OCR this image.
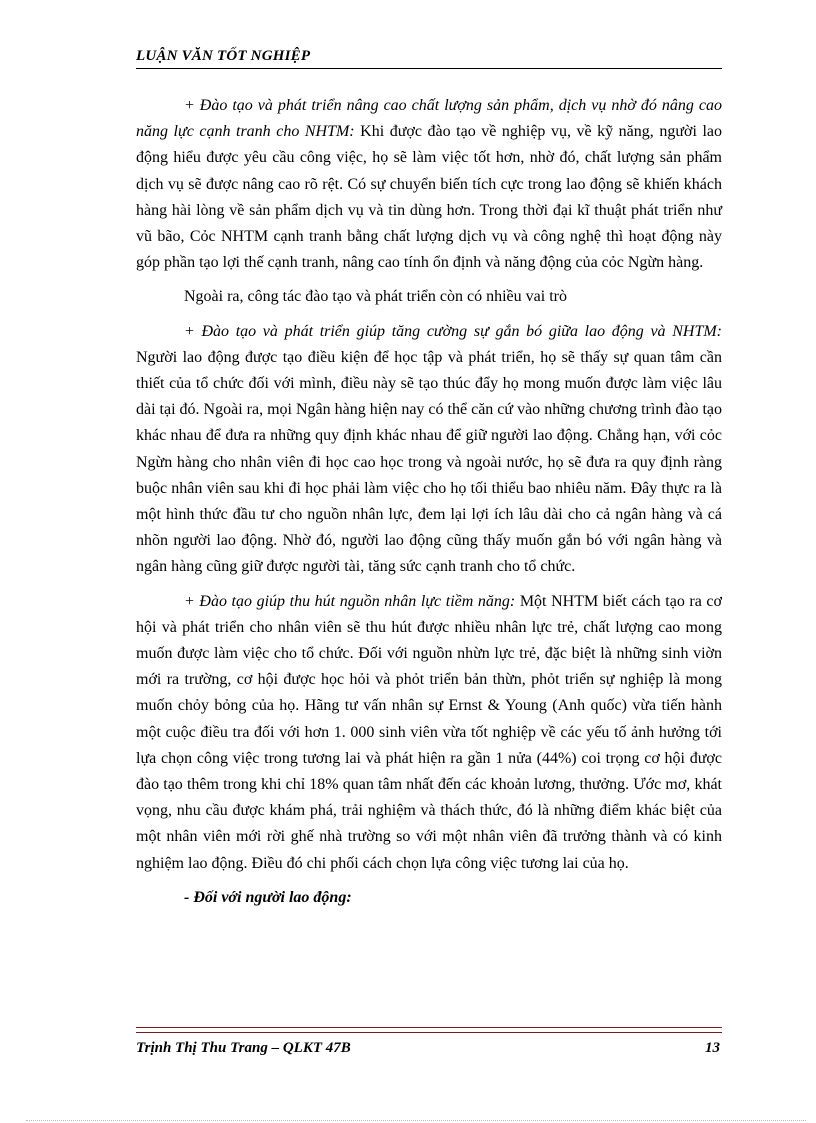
LUẬN VĂN TỐT NGHIỆP

+ Đào tạo và phát triển nâng cao chất lượng sản phẩm, dịch vụ nhờ đó nâng cao năng lực cạnh tranh cho NHTM: Khi được đào tạo về nghiệp vụ, về kỹ năng, người lao động hiểu được yêu cầu công việc, họ sẽ làm việc tốt hơn, nhờ đó, chất lượng sản phẩm dịch vụ sẽ được nâng cao rõ rệt. Có sự chuyển biến tích cực trong lao động sẽ khiến khách hàng hài lòng về sản phẩm dịch vụ và tin dùng hơn. Trong thời đại kĩ thuật phát triển như vũ bão, Cỏc NHTM cạnh tranh bằng chất lượng dịch vụ và công nghệ thì hoạt động này góp phần tạo lợi thế cạnh tranh, nâng cao tính ổn định và năng động của cỏc Ngừn hàng.

Ngoài ra, công tác đào tạo và phát triển còn có nhiều vai trò

+ Đào tạo và phát triển giúp tăng cường sự gắn bó giữa lao động và NHTM: Người lao động được tạo điều kiện để học tập và phát triển, họ sẽ thấy sự quan tâm cần thiết của tổ chức đối với mình, điều này sẽ tạo thúc đẩy họ mong muốn được làm việc lâu dài tại đó. Ngoài ra, mọi Ngân hàng hiện nay có thể căn cứ vào những chương trình đào tạo khác nhau để đưa ra những quy định khác nhau để giữ người lao động. Chẳng hạn, với cỏc Ngừn hàng cho nhân viên đi học cao học trong và ngoài nước, họ sẽ đưa ra quy định ràng buộc nhân viên sau khi đi học phải làm việc cho họ tối thiểu bao nhiêu năm. Đây thực ra là một hình thức đầu tư cho nguồn nhân lực, đem lại lợi ích lâu dài cho cả ngân hàng và cá nhõn người lao động. Nhờ đó, người lao động cũng thấy muốn gắn bó với ngân hàng và ngân hàng cũng giữ được người tài, tăng sức cạnh tranh cho tổ chức.

+ Đào tạo giúp thu hút nguồn nhân lực tiềm năng: Một NHTM biết cách tạo ra cơ hội và phát triển cho nhân viên sẽ thu hút được nhiều nhân lực trẻ, chất lượng cao mong muốn được làm việc cho tổ chức. Đối với nguồn nhừn lực trẻ, đặc biệt là những sinh viờn mới ra trường, cơ hội được học hỏi và phỏt triển bản thừn, phỏt triển sự nghiệp là mong muốn chỏy bỏng của họ. Hãng tư vấn nhân sự Ernst & Young (Anh quốc) vừa tiến hành một cuộc điều tra đối với hơn 1. 000 sinh viên vừa tốt nghiệp về các yếu tố ảnh hưởng tới lựa chọn công việc trong tương lai và phát hiện ra gần 1 nửa (44%) coi trọng cơ hội được đào tạo thêm trong khi chỉ 18% quan tâm nhất đến các khoản lương, thưởng. Ước mơ, khát vọng, nhu cầu được khám phá, trải nghiệm và thách thức, đó là những điểm khác biệt của một nhân viên mới rời ghế nhà trường so với một nhân viên đã trưởng thành và có kinh nghiệm lao động. Điều đó chi phối cách chọn lựa công việc tương lai của họ.

- Đối với người lao động:

Trịnh Thị Thu Trang – QLKT 47B	13
